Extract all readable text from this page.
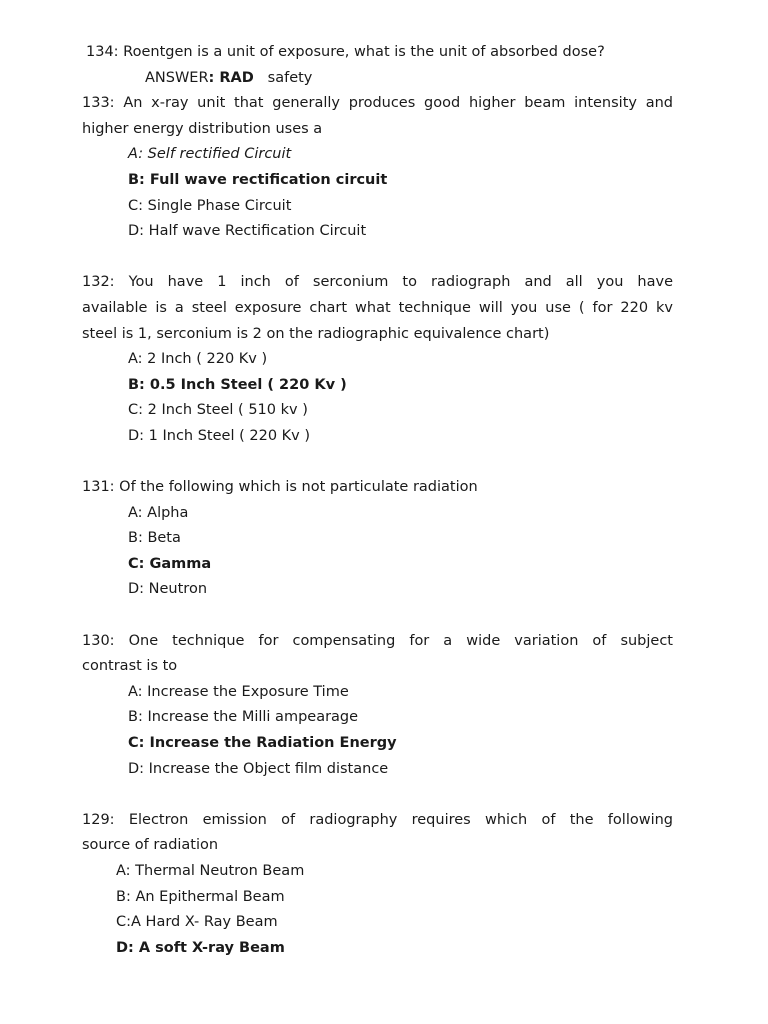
134: Roentgen is a unit of exposure, what is the unit of absorbed dose?
ANSWER: RAD safety
133: An x-ray unit that generally produces good higher beam intensity and
higher energy distribution uses a
A: Self rectified Circuit
B: Full wave rectification circuit
C: Single Phase Circuit
D: Half wave Rectification Circuit
132: You have 1 inch of serconium to radiograph and all you have
available is a steel exposure chart what technique will you use ( for 220 kv
steel is 1, serconium is 2 on the radiographic equivalence chart)
A: 2 Inch ( 220 Kv )
B: 0.5 Inch Steel ( 220 Kv )
C: 2 Inch Steel ( 510 kv )
D: 1 Inch Steel ( 220 Kv )
131: Of the following which is not particulate radiation
A: Alpha
B: Beta
C: Gamma
D: Neutron
130: One technique for compensating for a wide variation of subject
contrast is to
A: Increase the Exposure Time
B: Increase the Milli ampearage
C: Increase the Radiation Energy
D: Increase the Object film distance
129: Electron emission of radiography requires which of the following
source of radiation
A: Thermal Neutron Beam
B: An Epithermal Beam
C:A Hard X- Ray Beam
D: A soft X-ray Beam
